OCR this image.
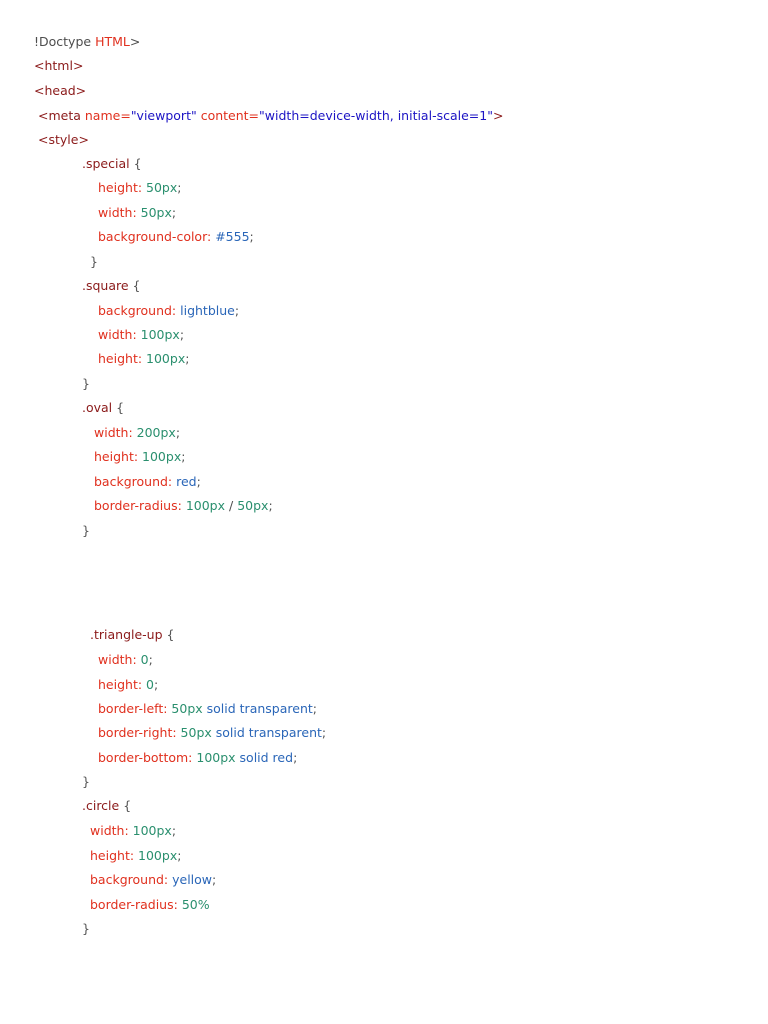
!Doctype HTML>
<html>
<head>
<meta name="viewport" content="width=device-width, initial-scale=1">
<style>
.special {
height: 50px;
width: 50px;
background-color: #555;
}
.square {
background: lightblue;
width: 100px;
height: 100px;
}
.oval {
width: 200px;
height: 100px;
background: red;
border-radius: 100px / 50px;
}
.triangle-up {
width: 0;
height: 0;
border-left: 50px solid transparent;
border-right: 50px solid transparent;
border-bottom: 100px solid red;
}
.circle {
width: 100px;
height: 100px;
background: yellow;
border-radius: 50%
}
